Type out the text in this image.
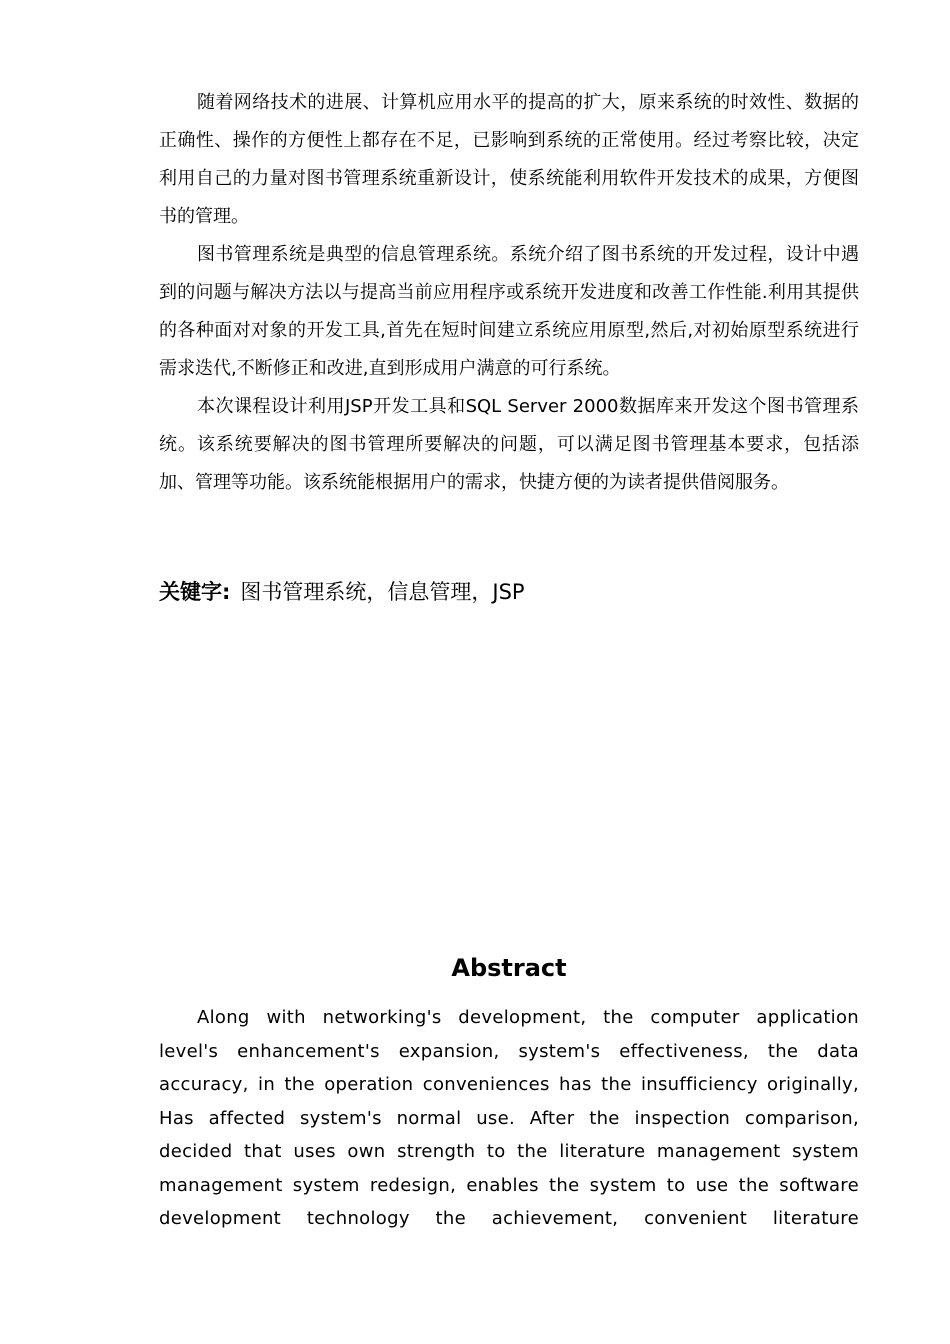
随着网络技术的进展、计算机应用水平的提高的扩大，原来系统的时效性、数据的正确性、操作的方便性上都存在不足，已影响到系统的正常使用。经过考察比较，决定利用自己的力量对图书管理系统重新设计，使系统能利用软件开发技术的成果，方便图书的管理。

图书管理系统是典型的信息管理系统。系统介绍了图书系统的开发过程，设计中遇到的问题与解决方法以与提高当前应用程序或系统开发进度和改善工作性能.利用其提供的各种面对对象的开发工具,首先在短时间建立系统应用原型,然后,对初始原型系统进行需求迭代,不断修正和改进,直到形成用户满意的可行系统。

本次课程设计利用JSP开发工具和SQL Server 2000数据库来开发这个图书管理系统。该系统要解决的图书管理所要解决的问题，可以满足图书管理基本要求，包括添加、管理等功能。该系统能根据用户的需求，快捷方便的为读者提供借阅服务。

关键字: 图书管理系统，信息管理，JSP
Abstract

Along with networking's development, the computer application level's enhancement's expansion, system's effectiveness, the data accuracy, in the operation conveniences has the insufficiency originally, Has affected system's normal use. After the inspection comparison, decided that uses own strength to the literature management system management system redesign, enables the system to use the software development technology the achievement, convenient literature
